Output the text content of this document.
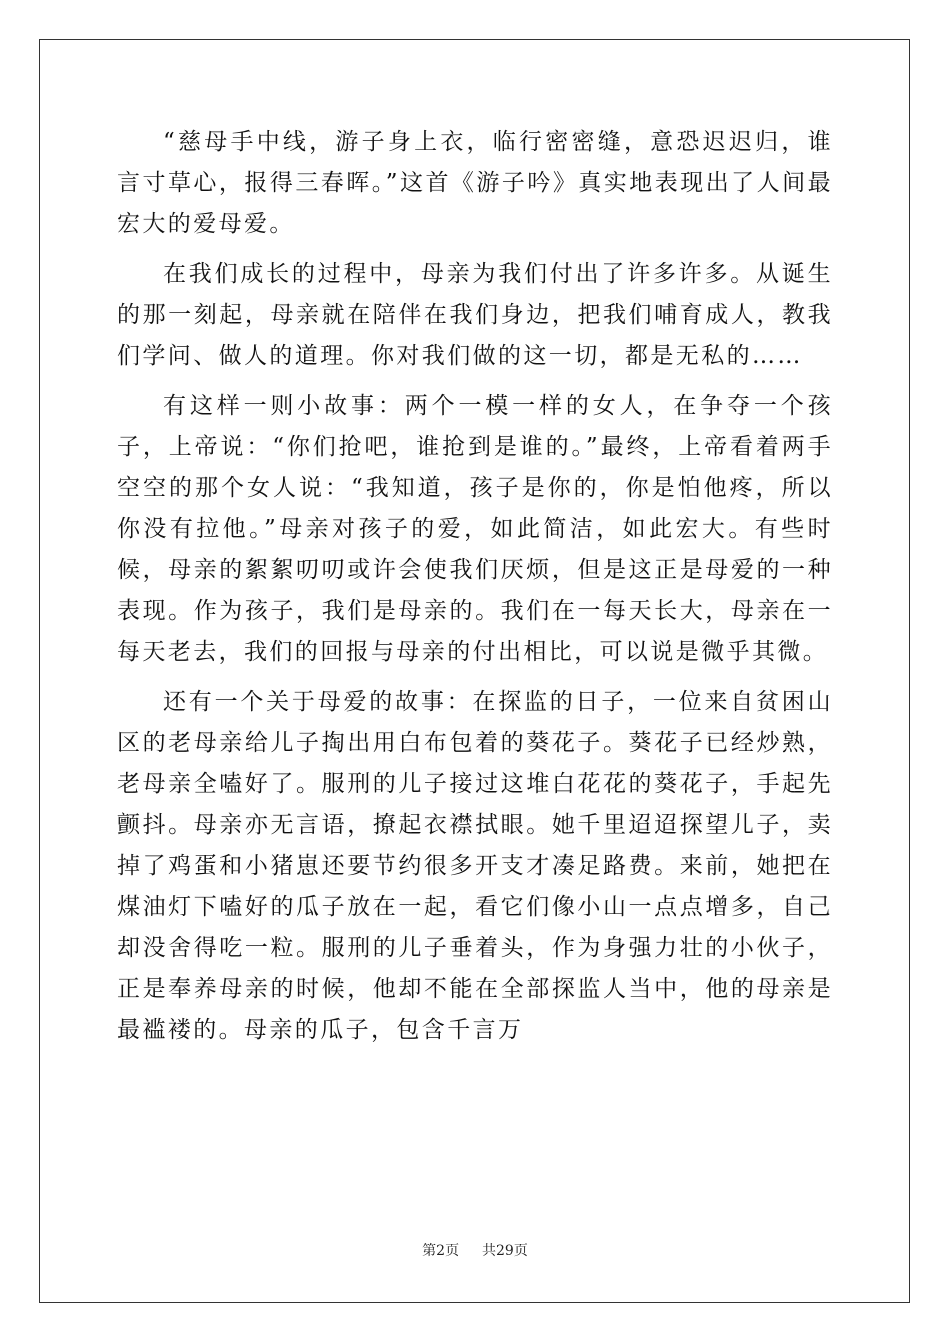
“慈母手中线，游子身上衣，临行密密缝，意恐迟迟归，谁言寸草心，报得三春晖。”这首《游子吟》真实地表现出了人间最宏大的爱母爱。

在我们成长的过程中，母亲为我们付出了许多许多。从诞生的那一刻起，母亲就在陪伴在我们身边，把我们哺育成人，教我们学问、做人的道理。你对我们做的这一切，都是无私的……

有这样一则小故事：两个一模一样的女人，在争夺一个孩子，上帝说：“你们抢吧，谁抢到是谁的。”最终，上帝看着两手空空的那个女人说：“我知道，孩子是你的，你是怕他疼，所以你没有拉他。”母亲对孩子的爱，如此简洁，如此宏大。有些时候，母亲的絮絮叨叨或许会使我们厌烦，但是这正是母爱的一种表现。作为孩子，我们是母亲的。我们在一每天长大，母亲在一每天老去，我们的回报与母亲的付出相比，可以说是微乎其微。

还有一个关于母爱的故事：在探监的日子，一位来自贫困山区的老母亲给儿子掏出用白布包着的葵花子。葵花子已经炒熟，老母亲全嗑好了。服刑的儿子接过这堆白花花的葵花子，手起先颤抖。母亲亦无言语，撩起衣襟拭眼。她千里迢迢探望儿子，卖掉了鸡蛋和小猪崽还要节约很多开支才凑足路费。来前，她把在煤油灯下嗑好的瓜子放在一起，看它们像小山一点点增多，自己却没舍得吃一粒。服刑的儿子垂着头，作为身强力壮的小伙子，正是奉养母亲的时候，他却不能在全部探监人当中，他的母亲是最褴褛的。母亲的瓜子，包含千言万

第2页 共29页
